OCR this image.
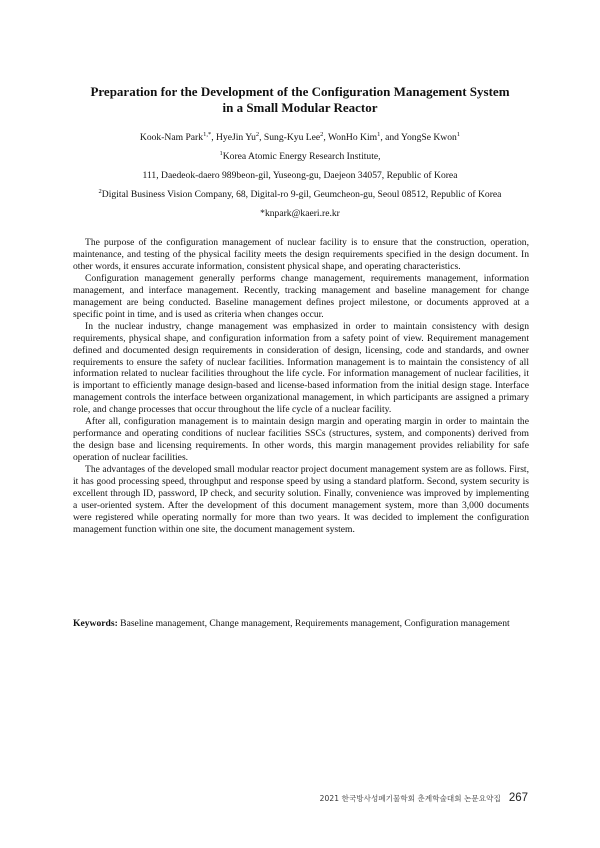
Preparation for the Development of the Configuration Management System
in a Small Modular Reactor
Kook-Nam Park$^{1,*}$, HyeJin Yu$^2$, Sung-Kyu Lee$^2$, WonHo Kim$^1$, and YongSe Kwon$^1$
$^1$Korea Atomic Energy Research Institute,
111, Daedeok-daero 989beon-gil, Yuseong-gu, Daejeon 34057, Republic of Korea
$^2$Digital Business Vision Company, 68, Digital-ro 9-gil, Geumcheon-gu, Seoul 08512, Republic of Korea
*knpark@kaeri.re.kr

The purpose of the configuration management of nuclear facility is to ensure that the construction, operation, maintenance, and testing of the physical facility meets the design requirements specified in the design document. In other words, it ensures accurate information, consistent physical shape, and operating characteristics.

Configuration management generally performs change management, requirements management, information management, and interface management. Recently, tracking management and baseline management for change management are being conducted. Baseline management defines project milestone, or documents approved at a specific point in time, and is used as criteria when changes occur.

In the nuclear industry, change management was emphasized in order to maintain consistency with design requirements, physical shape, and configuration information from a safety point of view. Requirement management defined and documented design requirements in consideration of design, licensing, code and standards, and owner requirements to ensure the safety of nuclear facilities. Information management is to maintain the consistency of all information related to nuclear facilities throughout the life cycle. For information management of nuclear facilities, it is important to efficiently manage design-based and license-based information from the initial design stage. Interface management controls the interface between organizational management, in which participants are assigned a primary role, and change processes that occur throughout the life cycle of a nuclear facility.

After all, configuration management is to maintain design margin and operating margin in order to maintain the performance and operating conditions of nuclear facilities SSCs (structures, system, and components) derived from the design base and licensing requirements. In other words, this margin management provides reliability for safe operation of nuclear facilities.

The advantages of the developed small modular reactor project document management system are as follows. First, it has good processing speed, throughput and response speed by using a standard platform. Second, system security is excellent through ID, password, IP check, and security solution. Finally, convenience was improved by implementing a user-oriented system. After the development of this document management system, more than 3,000 documents were registered while operating normally for more than two years. It was decided to implement the configuration management function within one site, the document management system.

Keywords: Baseline management, Change management, Requirements management, Configuration management
2021 한국방사성폐기물학회 춘계학술대회 논문요약집 267
